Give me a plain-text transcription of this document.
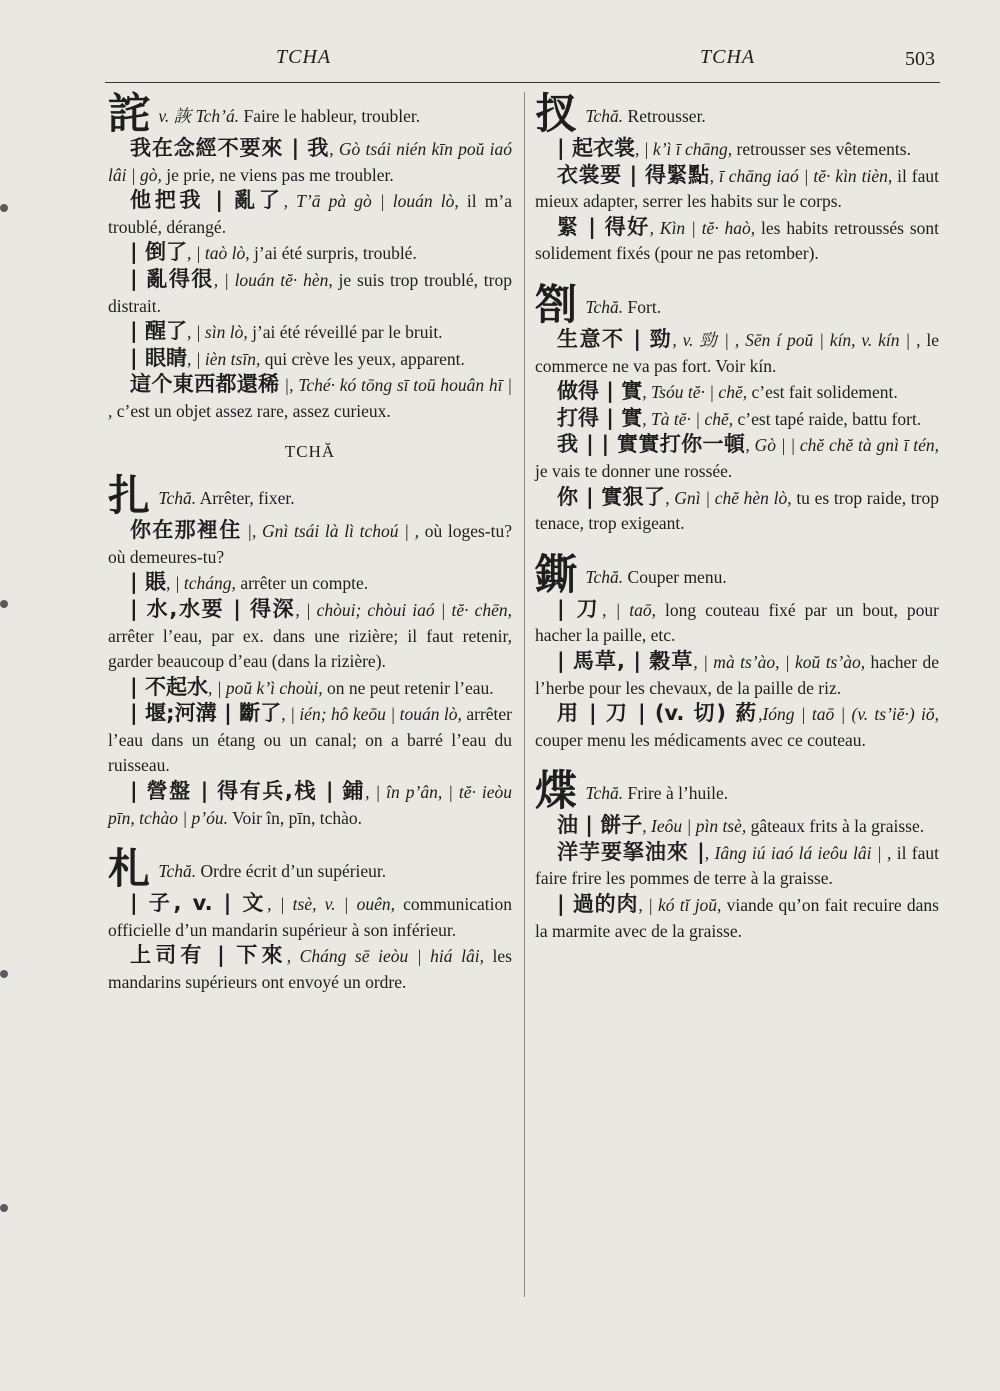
TCHA	TCHA	503
詫 v. 詼 Tch’á. Faire le hableur, troubler.

我在念經不要來 | 我, Gò tsái nién kīn poŭ iaó lâi | gò, je prie, ne viens pas me troubler.

他把我 | 亂了, T’ā pà gò | louán lò, il m’a troublé, dérangé.

| 倒了, | taò lò, j’ai été surpris, troublé.

| 亂得很, | louán tĕ· hèn, je suis trop troublé, trop distrait.

| 醒了, | sìn lò, j’ai été réveillé par le bruit.

| 眼睛, | ièn tsīn, qui crève les yeux, apparent.

這个東西都還稀 |, Tché· kó tōng sī toū houân hī | , c’est un objet assez rare, assez curieux.

TCHĂ
扎 Tchă. Arrêter, fixer.

你在那裡住 |, Gnì tsái là lì tchoú | , où loges-tu? où demeures-tu?

| 賬, | tcháng, arrêter un compte.

| 水,水要 | 得深, | chòui; chòui iaó | tĕ· chēn, arrêter l’eau, par ex. dans une rizière; il faut retenir, garder beaucoup d’eau (dans la rizière).

| 不起水, | poŭ k’ì choùi, on ne peut retenir l’eau.

| 堰;河溝 | 斷了, | ién; hô keōu | touán lò, arrêter l’eau dans un étang ou un canal; on a barré l’eau du ruisseau.

| 營盤 | 得有兵,栈 | 鋪, | în p’ân, | tĕ· ieòu pīn, tchào | p’óu. Voir în, pīn, tchào.

札 Tchă. Ordre écrit d’un supérieur.

| 子, v. | 文, | tsè, v. | ouên, communication officielle d’un mandarin supérieur à son inférieur.

上司有 | 下來, Cháng sē ieòu | hiá lâi, les mandarins supérieurs ont envoyé un ordre.

扠 Tchă. Retrousser.

| 起衣裳, | k’ì ī chāng, retrousser ses vêtements.

衣裳要 | 得緊點, ī chāng iaó | tĕ· kìn tièn, il faut mieux adapter, serrer les habits sur le corps.

緊 | 得好, Kìn | tĕ· haò, les habits retroussés sont solidement fixés (pour ne pas retomber).

劄 Tchă. Fort.

生意不 | 勁, v. 勁 | , Sēn í poŭ | kín, v. kín | , le commerce ne va pas fort. Voir kín.

做得 | 實, Tsóu tĕ· | chĕ, c’est fait solidement.

打得 | 實, Tà tĕ· | chĕ, c’est tapé raide, battu fort.

我 | | 實實打你一頓, Gò | | chĕ chĕ tà gnì ī tén, je vais te donner une rossée.

你 | 實狠了, Gnì | chĕ hèn lò, tu es trop raide, trop tenace, trop exigeant.

鐁 Tchă. Couper menu.

| 刀, | taō, long couteau fixé par un bout, pour hacher la paille, etc.

| 馬草, | 穀草, | mà ts’ào, | koŭ ts’ào, hacher de l’herbe pour les chevaux, de la paille de riz.

用 | 刀 | (v. 切) 葯,Ióng | taō | (v. ts’iĕ·) iŏ, couper menu les médicaments avec ce couteau.

煠 Tchă. Frire à l’huile.

油 | 餅子, Ieôu | pìn tsè, gâteaux frits à la graisse.

洋芋要拏油來 |, Iâng iú iaó lá ieôu lâi | , il faut faire frire les pommes de terre à la graisse.

| 過的肉, | kó tĭ joŭ, viande qu’on fait recuire dans la marmite avec de la graisse.
